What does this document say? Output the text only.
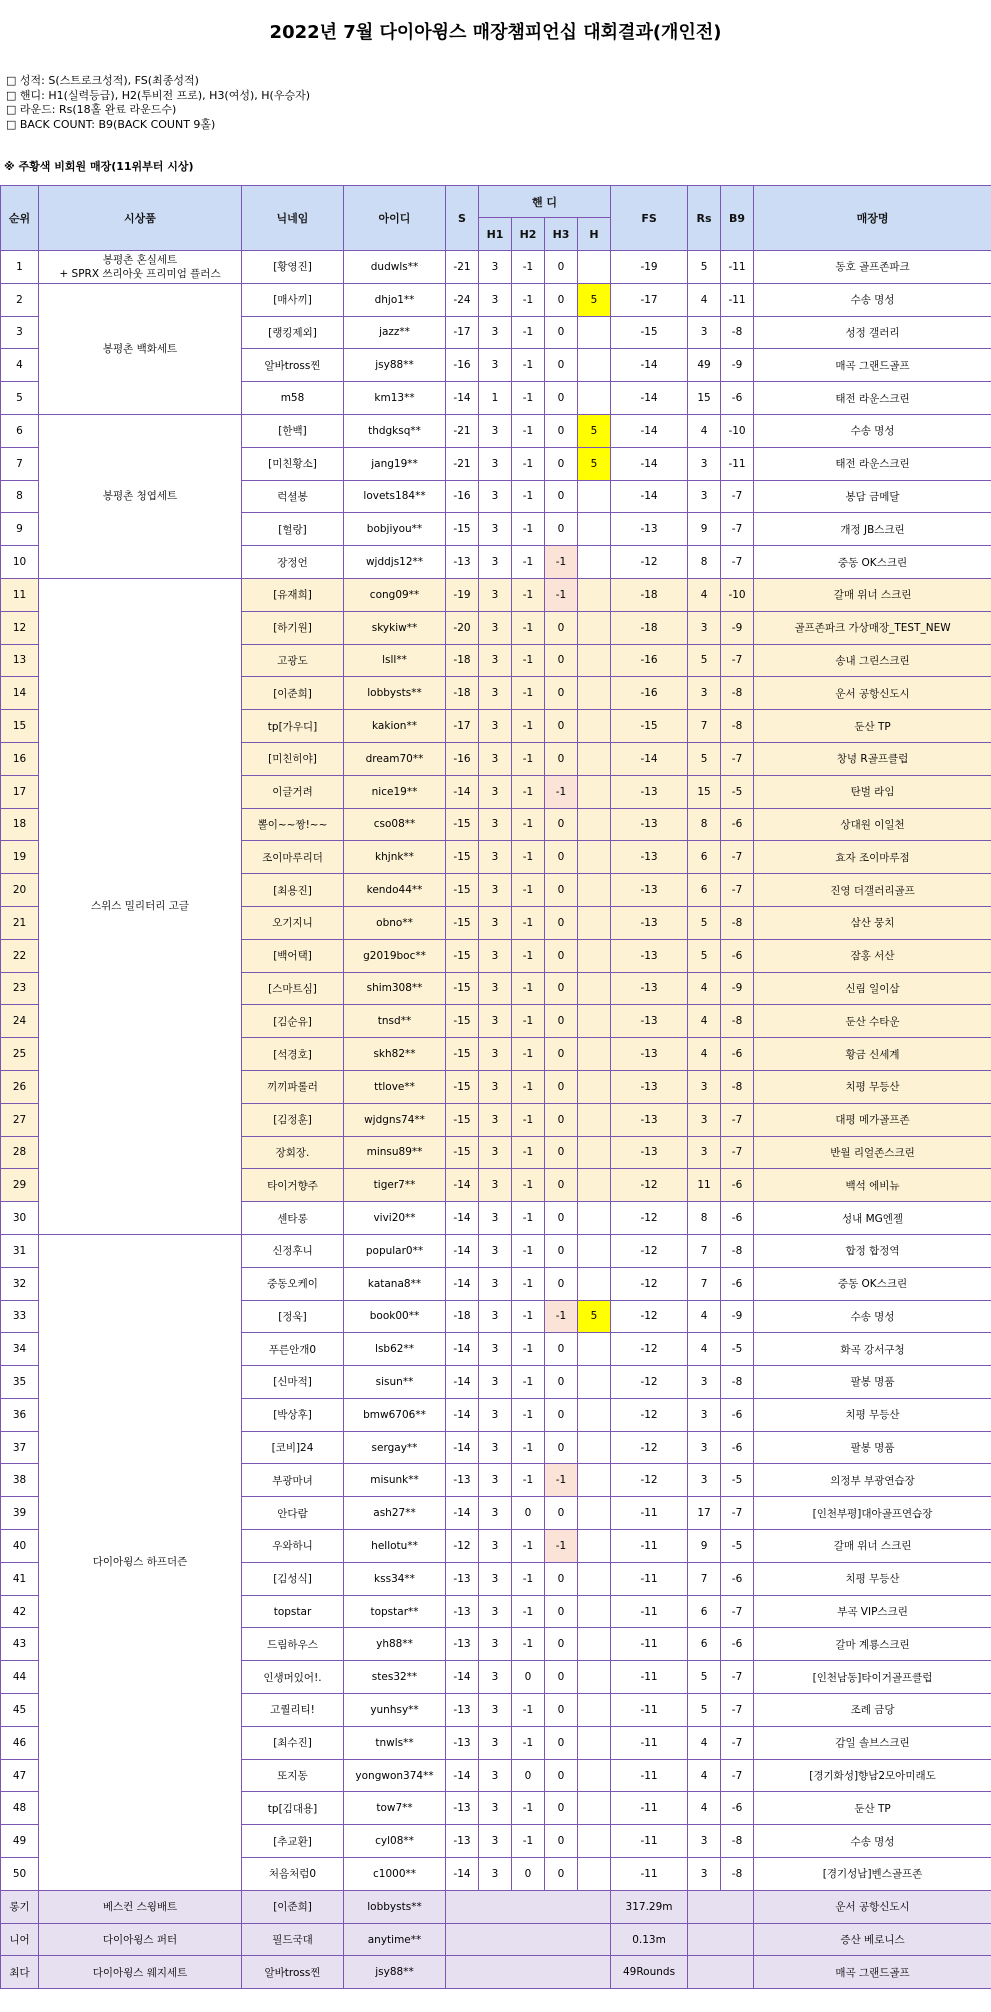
2022년 7월 다이아윙스 매장챔피언십 대회결과(개인전)
□ 성적: S(스트로크성적), FS(최종성적)
□ 핸디: H1(실력등급), H2(투비전 프로), H3(여성), H(우승자)
□ 라운드: Rs(18홀 완료 라운드수)
□ BACK COUNT: B9(BACK COUNT 9홀)
※ 주황색 비회원 매장(11위부터 시상)
순위	시상품	닉네임	아이디	S	핸 디				FS	Rs	B9	매장명
					H1	H2	H3	H				
1	봉평촌 혼실세트
+ SPRX 쓰리아웃 프리미엄 플러스	[황영진]	dudwls**	-21	3	-1	0		-19	5	-11	동호 골프존파크
2	봉평촌 백화세트	[매사끼]	dhjo1**	-24	3	-1	0	5	-17	4	-11	수송 명성
3		[랭킹제외]	jazz**	-17	3	-1	0		-15	3	-8	성정 갤러리
4		알바tross찐	jsy88**	-16	3	-1	0		-14	49	-9	매곡 그랜드골프
5		m58	km13**	-14	1	-1	0		-14	15	-6	태전 라운스크린
6	봉평촌 청엽세트	[한백]	thdgksq**	-21	3	-1	0	5	-14	4	-10	수송 명성
7		[미친황소]	jang19**	-21	3	-1	0	5	-14	3	-11	태전 라운스크린
8		럭셜봉	lovets184**	-16	3	-1	0		-14	3	-7	봉담 금메달
9		[헐랑]	bobjiyou**	-15	3	-1	0		-13	9	-7	개정 JB스크린
10		장정언	wjddjs12**	-13	3	-1	-1		-12	8	-7	중동 OK스크린
11	스위스 밀리터리 고글	[유재희]	cong09**	-19	3	-1	-1		-18	4	-10	갈매 위너 스크린
12		[하기원]	skykiw**	-20	3	-1	0		-18	3	-9	골프존파크 가상매장_TEST_NEW
13		고광도	lsll**	-18	3	-1	0		-16	5	-7	송내 그린스크린
14		[이준희]	lobbysts**	-18	3	-1	0		-16	3	-8	운서 공항신도시
15		tp[가우디]	kakion**	-17	3	-1	0		-15	7	-8	둔산 TP
16		[미친히야]	dream70**	-16	3	-1	0		-14	5	-7	창녕 R골프클럽
17		이글거려	nice19**	-14	3	-1	-1		-13	15	-5	탄벌 라임
18		뽈이~~짱!~~	cso08**	-15	3	-1	0		-13	8	-6	상대원 이일천
19		조이마루리더	khjnk**	-15	3	-1	0		-13	6	-7	효자 조이마루점
20		[최용진]	kendo44**	-15	3	-1	0		-13	6	-7	진영 더갤러리골프
21		오기지니	obno**	-15	3	-1	0		-13	5	-8	삼산 뭉치
22		[백어택]	g2019boc**	-15	3	-1	0		-13	5	-6	잠홍 서산
23		[스마트심]	shim308**	-15	3	-1	0		-13	4	-9	신림 일이삼
24		[김순유]	tnsd**	-15	3	-1	0		-13	4	-8	둔산 수타운
25		[석경호]	skh82**	-15	3	-1	0		-13	4	-6	황금 신세계
26		끼끼파롤러	ttlove**	-15	3	-1	0		-13	3	-8	치평 무등산
27		[김정훈]	wjdgns74**	-15	3	-1	0		-13	3	-7	대평 메가골프존
28		장회장.	minsu89**	-15	3	-1	0		-13	3	-7	반월 리얼존스크린
29		타이거향주	tiger7**	-14	3	-1	0		-12	11	-6	백석 에비뉴
30		센타롱	vivi20**	-14	3	-1	0		-12	8	-6	성내 MG엔젤
31	다이아윙스 하프더즌	신정후니	popular0**	-14	3	-1	0		-12	7	-8	합정 합정역
32		중동오케이	katana8**	-14	3	-1	0		-12	7	-6	중동 OK스크린
33		[정욱]	book00**	-18	3	-1	-1	5	-12	4	-9	수송 명성
34		푸른안개0	lsb62**	-14	3	-1	0		-12	4	-5	화곡 강서구청
35		[신마적]	sisun**	-14	3	-1	0		-12	3	-8	팔봉 명품
36		[박상후]	bmw6706**	-14	3	-1	0		-12	3	-6	치평 무등산
37		[코비]24	sergay**	-14	3	-1	0		-12	3	-6	팔봉 명품
38		부광마녀	misunk**	-13	3	-1	-1		-12	3	-5	의정부 부광연습장
39		안다람	ash27**	-14	3	0	0		-11	17	-7	[인천부평]대아골프연습장
40		우와하니	hellotu**	-12	3	-1	-1		-11	9	-5	갈매 위너 스크린
41		[김성식]	kss34**	-13	3	-1	0		-11	7	-6	치평 무등산
42		topstar	topstar**	-13	3	-1	0		-11	6	-7	부곡 VIP스크린
43		드림하우스	yh88**	-13	3	-1	0		-11	6	-6	갈마 계룡스크린
44		인생머있어!.	stes32**	-14	3	0	0		-11	5	-7	[인천남동]타이거골프클럽
45		고퀄리티!	yunhsy**	-13	3	-1	0		-11	5	-7	조례 금당
46		[최수진]	tnwls**	-13	3	-1	0		-11	4	-7	감일 솔브스크린
47		또지동	yongwon374**	-14	3	0	0		-11	4	-7	[경기화성]향남2모아미래도
48		tp[김대용]	tow7**	-13	3	-1	0		-11	4	-6	둔산 TP
49		[추교환]	cyl08**	-13	3	-1	0		-11	3	-8	수송 명성
50		처음처럼0	c1000**	-14	3	0	0		-11	3	-8	[경기성남]벤스골프존
롱기	베스컨 스윙배트	[이준희]	lobbysts**						317.29m			운서 공항신도시
니어	다이아윙스 퍼터	필드국대	anytime**						0.13m			증산 베로니스
최다	다이아윙스 웨지세트	알바tross찐	jsy88**						49Rounds			매곡 그랜드골프
